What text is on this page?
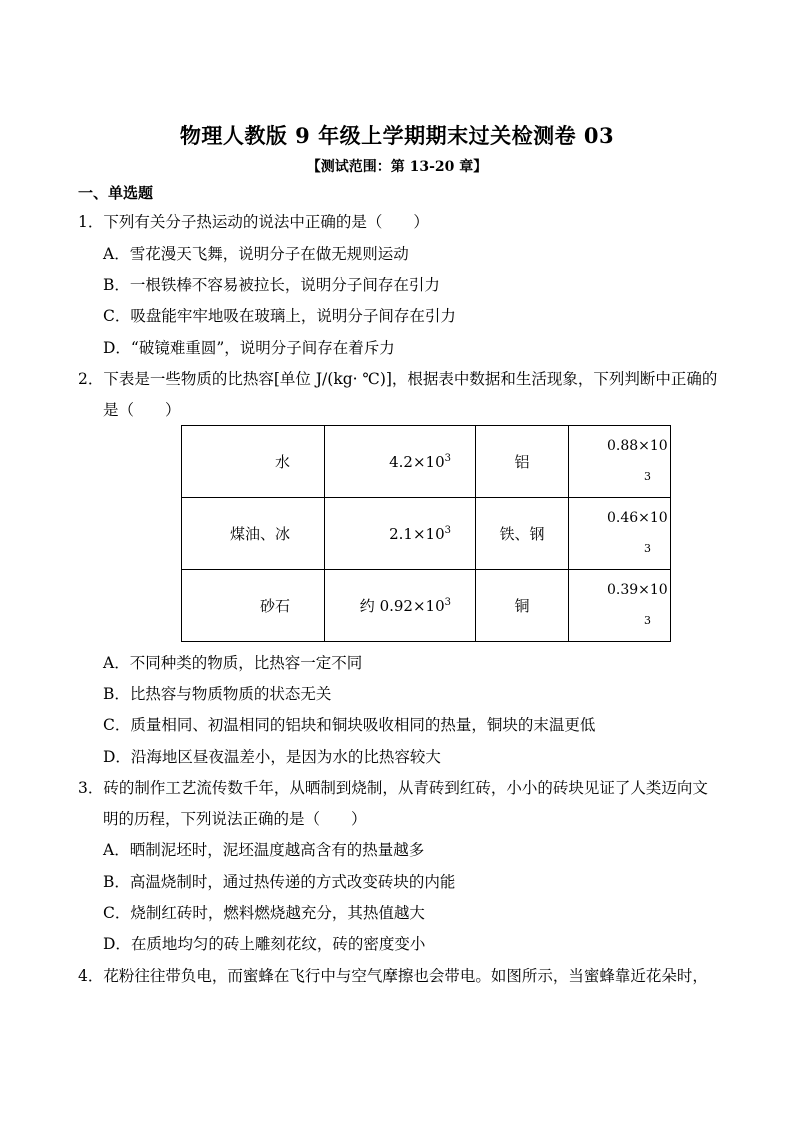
物理人教版 9 年级上学期期末过关检测卷 03
【测试范围：第 13-20 章】
一、单选题
1．下列有关分子热运动的说法中正确的是（　　）
A．雪花漫天飞舞，说明分子在做无规则运动
B．一根铁棒不容易被拉长，说明分子间存在引力
C．吸盘能牢牢地吸在玻璃上，说明分子间存在引力
D．“破镜难重圆”，说明分子间存在着斥力
2．下表是一些物质的比热容[单位 J/(kg· ℃)]，根据表中数据和生活现象，下列判断中正确的
是（　　）
水	$4.2\times 10^3$	铝	0.88×10
3

煤油、冰	$2.1\times 10^3$	铁、钢	0.46×10
3

砂石	约 $0.92\times 10^3$	铜	0.39×10
3
A．不同种类的物质，比热容一定不同
B．比热容与物质物质的状态无关
C．质量相同、初温相同的铝块和铜块吸收相同的热量，铜块的末温更低
D．沿海地区昼夜温差小，是因为水的比热容较大
3．砖的制作工艺流传数千年，从晒制到烧制，从青砖到红砖，小小的砖块见证了人类迈向文
明的历程，下列说法正确的是（　　）
A．晒制泥坯时，泥坯温度越高含有的热量越多
B．高温烧制时，通过热传递的方式改变砖块的内能
C．烧制红砖时，燃料燃烧越充分，其热值越大
D．在质地均匀的砖上雕刻花纹，砖的密度变小
4．花粉往往带负电，而蜜蜂在飞行中与空气摩擦也会带电。如图所示，当蜜蜂靠近花朵时，
